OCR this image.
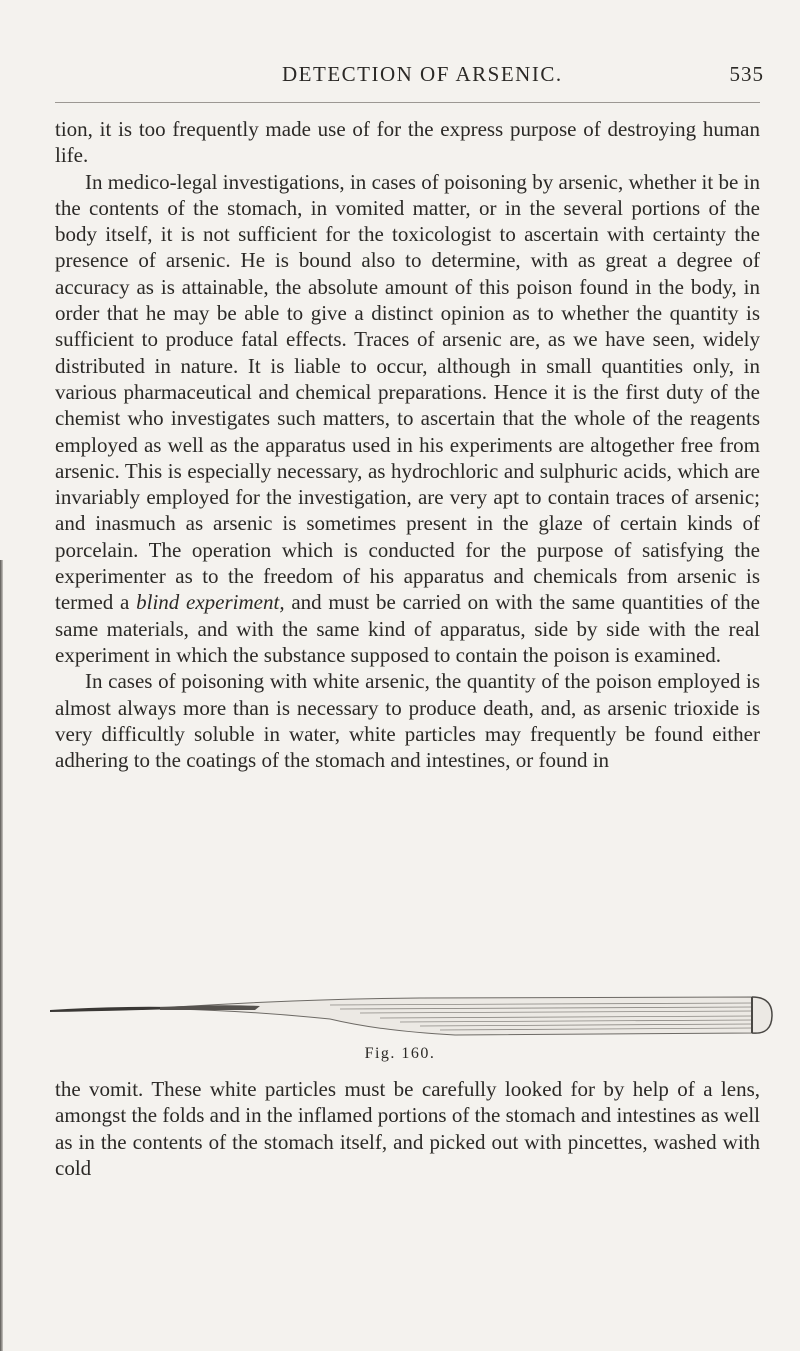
DETECTION OF ARSENIC.	535

tion, it is too frequently made use of for the express purpose of destroying human life.

In medico-legal investigations, in cases of poisoning by arsenic, whether it be in the contents of the stomach, in vomited matter, or in the several portions of the body itself, it is not sufficient for the toxicologist to ascertain with certainty the presence of arsenic. He is bound also to determine, with as great a degree of accuracy as is attainable, the absolute amount of this poison found in the body, in order that he may be able to give a distinct opinion as to whether the quantity is sufficient to produce fatal effects. Traces of arsenic are, as we have seen, widely distributed in nature. It is liable to occur, although in small quantities only, in various pharmaceutical and chemical preparations. Hence it is the first duty of the chemist who investigates such matters, to ascertain that the whole of the reagents employed as well as the apparatus used in his experiments are altogether free from arsenic. This is especially necessary, as hydrochloric and sulphuric acids, which are invariably employed for the investigation, are very apt to contain traces of arsenic; and inasmuch as arsenic is sometimes present in the glaze of certain kinds of porcelain. The operation which is conducted for the purpose of satisfying the experimenter as to the freedom of his apparatus and chemicals from arsenic is termed a blind experiment, and must be carried on with the same quantities of the same materials, and with the same kind of apparatus, side by side with the real experiment in which the substance supposed to contain the poison is examined.

In cases of poisoning with white arsenic, the quantity of the poison employed is almost always more than is necessary to produce death, and, as arsenic trioxide is very difficultly soluble in water, white particles may frequently be found either adhering to the coatings of the stomach and intestines, or found in

Fig. 160.

the vomit. These white particles must be carefully looked for by help of a lens, amongst the folds and in the inflamed portions of the stomach and intestines as well as in the contents of the stomach itself, and picked out with pincettes, washed with cold
